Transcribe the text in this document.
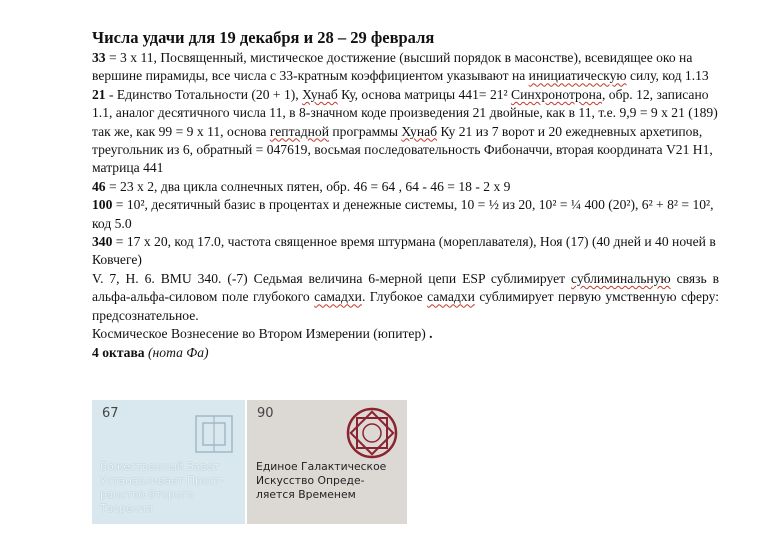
Числа удачи для 19 декабря и 28 – 29 февраля

33 = 3 х 11, Посвященный, мистическое достижение (высший порядок в масонстве), всевидящее око на вершине пирамиды, все числа с 33-кратным коэффициентом указывают на инициатическую силу, код 1.13

21 - Единство Тотальности (20 + 1), Хунаб Ку, основа матрицы 441= 21² Синхронотрона, обр. 12, записано 1.1, аналог десятичного числа 11, в 8-значном коде произведения 21 двойные, как в 11, т.е. 9,9 = 9 х 21 (189) так же, как 99 = 9 х 11, основа гептадной программы Хунаб Ку 21 из 7 ворот и 20 ежедневных архетипов, треугольник из 6, обратный = 047619, восьмая последовательность Фибоначчи, вторая координата V21 H1, матрица 441

46 = 23 х 2, два цикла солнечных пятен, обр. 46 = 64 , 64 - 46 = 18 - 2 х 9

100 = 10², десятичный базис в процентах и денежные системы, 10 = ½ из 20, 10² = ¼ 400 (20²), 6² + 8² = 10², код 5.0

340 = 17 х 20, код 17.0, частота священное время штурмана (мореплавателя), Ноя (17) (40 дней и 40 ночей в Ковчеге)

V. 7, H. 6. BMU 340. (-7) Седьмая величина 6-мерной цепи ESP сублимирует сублиминальную связь в альфа-альфа-силовом поле глубокого самадхи. Глубокое самадхи сублимирует первую умственную сферу: предсознательное.

Космическое Вознесение во Втором Измерении (юпитер) .

4 октава (нота Фа)

67
Божественный Завет
Устанавливает Прост-
ранство Второго Творения
90
Единое Галактическое
Искусство Опреде-
ляется Временем
